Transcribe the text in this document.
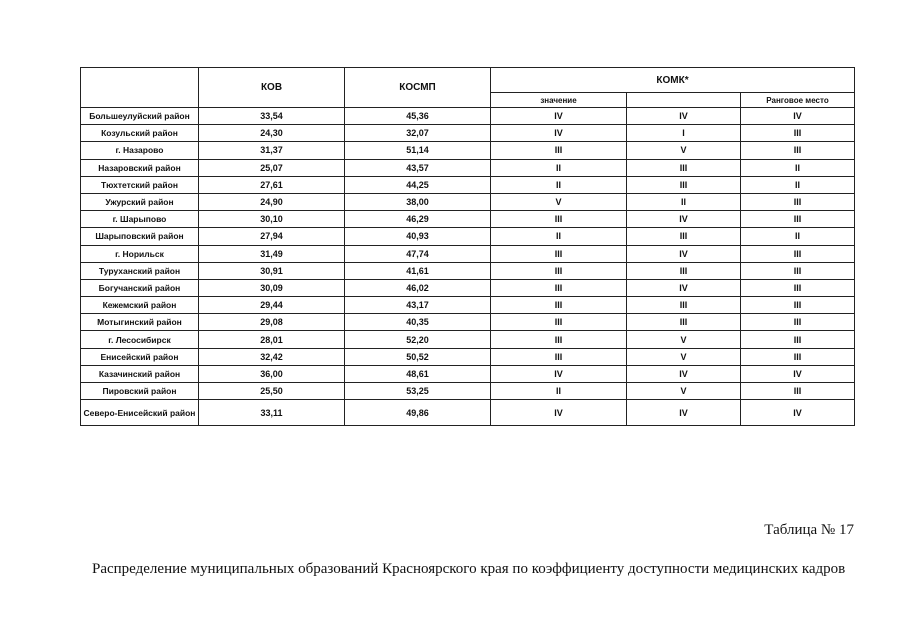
	КОВ	КОСМП	КОМК*		
			значение		Ранговое место
Большеулуйский район	33,54	45,36	IV	IV	IV
Козульский район	24,30	32,07	IV	I	III
г. Назарово	31,37	51,14	III	V	III
Назаровский район	25,07	43,57	II	III	II
Тюхтетский район	27,61	44,25	II	III	II
Ужурский район	24,90	38,00	V	II	III
г. Шарыпово	30,10	46,29	III	IV	III
Шарыповский район	27,94	40,93	II	III	II
г. Норильск	31,49	47,74	III	IV	III
Туруханский район	30,91	41,61	III	III	III
Богучанский район	30,09	46,02	III	IV	III
Кежемский район	29,44	43,17	III	III	III
Мотыгинский район	29,08	40,35	III	III	III
г. Лесосибирск	28,01	52,20	III	V	III
Енисейский район	32,42	50,52	III	V	III
Казачинский район	36,00	48,61	IV	IV	IV
Пировский район	25,50	53,25	II	V	III
Северо-Енисейский район	33,11	49,86	IV	IV	IV
Таблица № 17
Распределение муниципальных образований Красноярского края по коэффициенту доступности медицинских кадров
